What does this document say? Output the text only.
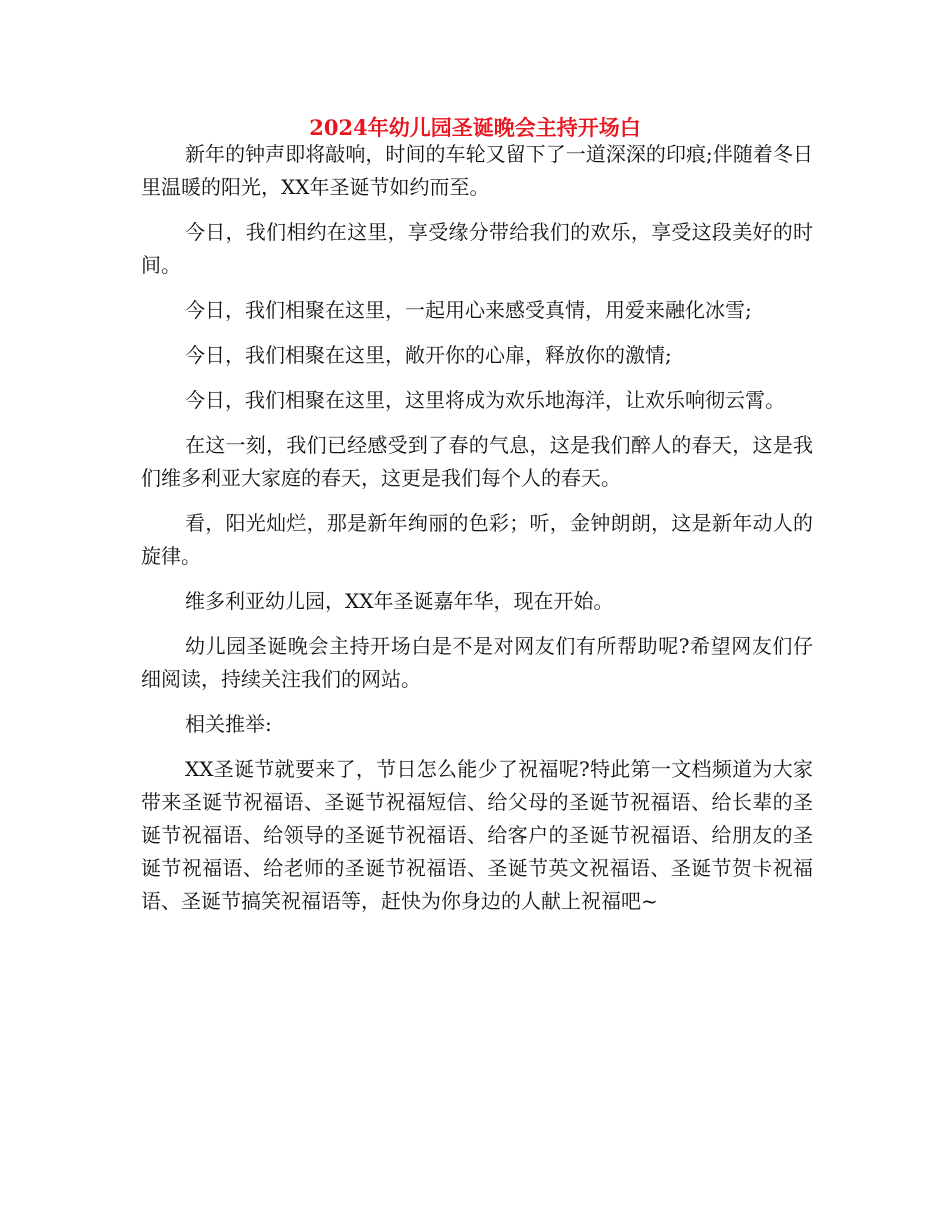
2024年幼儿园圣诞晚会主持开场白

新年的钟声即将敲响，时间的车轮又留下了一道深深的印痕;伴随着冬日里温暖的阳光，XX年圣诞节如约而至。

今日，我们相约在这里，享受缘分带给我们的欢乐，享受这段美好的时间。

今日，我们相聚在这里，一起用心来感受真情，用爱来融化冰雪;

今日，我们相聚在这里，敞开你的心扉，释放你的激情;

今日，我们相聚在这里，这里将成为欢乐地海洋，让欢乐响彻云霄。

在这一刻，我们已经感受到了春的气息，这是我们醉人的春天，这是我们维多利亚大家庭的春天，这更是我们每个人的春天。

看，阳光灿烂，那是新年绚丽的色彩；听，金钟朗朗，这是新年动人的旋律。

维多利亚幼儿园，XX年圣诞嘉年华，现在开始。

幼儿园圣诞晚会主持开场白是不是对网友们有所帮助呢?希望网友们仔细阅读，持续关注我们的网站。

相关推举:

XX圣诞节就要来了，节日怎么能少了祝福呢?特此第一文档频道为大家带来圣诞节祝福语、圣诞节祝福短信、给父母的圣诞节祝福语、给长辈的圣诞节祝福语、给领导的圣诞节祝福语、给客户的圣诞节祝福语、给朋友的圣诞节祝福语、给老师的圣诞节祝福语、圣诞节英文祝福语、圣诞节贺卡祝福语、圣诞节搞笑祝福语等，赶快为你身边的人献上祝福吧~
